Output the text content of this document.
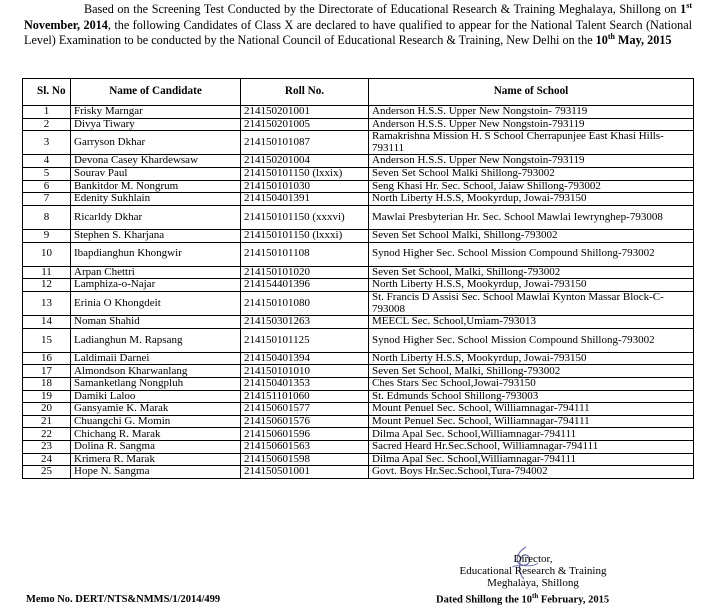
Based on the Screening Test Conducted by the Directorate of Educational Research & Training Meghalaya, Shillong on 1st November, 2014, the following Candidates of Class X are declared to have qualified to appear for the National Talent Search (National Level) Examination to be conducted by the National Council of Educational Research & Training, New Delhi on the 10th May, 2015
Sl. No	Name of Candidate	Roll No.	Name of School
1	Frisky Marngar	214150201001	Anderson H.S.S. Upper New Nongstoin- 793119
2	Divya Tiwary	214150201005	Anderson H.S.S. Upper New Nongstoin-793119
3	Garryson Dkhar	214150101087	Ramakrishna Mission H. S School Cherrapunjee East Khasi Hills-793111
4	Devona Casey Khardewsaw	214150201004	Anderson H.S.S. Upper New Nongstoin-793119
5	Sourav Paul	214150101150 (lxxix)	Seven Set School Malki Shillong-793002
6	Bankitdor M. Nongrum	214150101030	Seng Khasi Hr. Sec. School, Jaiaw Shillong-793002
7	Edenity Sukhlain	214150401391	North Liberty H.S.S, Mookyrdup, Jowai-793150
8	Ricarldy Dkhar	214150101150 (xxxvi)	Mawlai Presbyterian Hr. Sec. School Mawlai Iewrynghep-793008
9	Stephen S. Kharjana	214150101150 (lxxxi)	Seven Set School Malki, Shillong-793002
10	Ibapdianghun Khongwir	214150101108	Synod Higher Sec. School Mission Compound Shillong-793002
11	Arpan Chettri	214150101020	Seven Set School, Malki, Shillong-793002
12	Lamphiza-o-Najar	214154401396	North Liberty H.S.S, Mookyrdup, Jowai-793150
13	Erinia O Khongdeit	214150101080	St. Francis D Assisi Sec. School Mawlai Kynton Massar Block-C-793008
14	Noman Shahid	214150301263	MEECL Sec. School,Umiam-793013
15	Ladianghun M. Rapsang	214150101125	Synod Higher Sec. School Mission Compound Shillong-793002
16	Laldimaii Darnei	214150401394	North Liberty H.S.S, Mookyrdup, Jowai-793150
17	Almondson Kharwanlang	214150101010	Seven Set School, Malki, Shillong-793002
18	Samanketlang Nongpluh	214150401353	Ches Stars Sec School,Jowai-793150
19	Damiki Laloo	214151101060	St. Edmunds School Shillong-793003
20	Gansyamie K. Marak	214150601577	Mount Penuel Sec. School, Williamnagar-794111
21	Chuangchi G. Momin	214150601576	Mount Penuel Sec. School, Williamnagar-794111
22	Chichang R. Marak	214150601596	Dilma Apal Sec. School,Williamnagar-794111
23	Dolina R. Sangma	214150601563	Sacred Heard Hr.Sec.School, Williamnagar-794111
24	Krimera R. Marak	214150601598	Dilma Apal Sec. School,Williamnagar-794111
25	Hope N. Sangma	214150501001	Govt. Boys Hr.Sec.School,Tura-794002
Director,
Educational Research & Training
Meghalaya, Shillong
Memo No. DERT/NTS&NMMS/1/2014/499	Dated Shillong the 10th February, 2015
